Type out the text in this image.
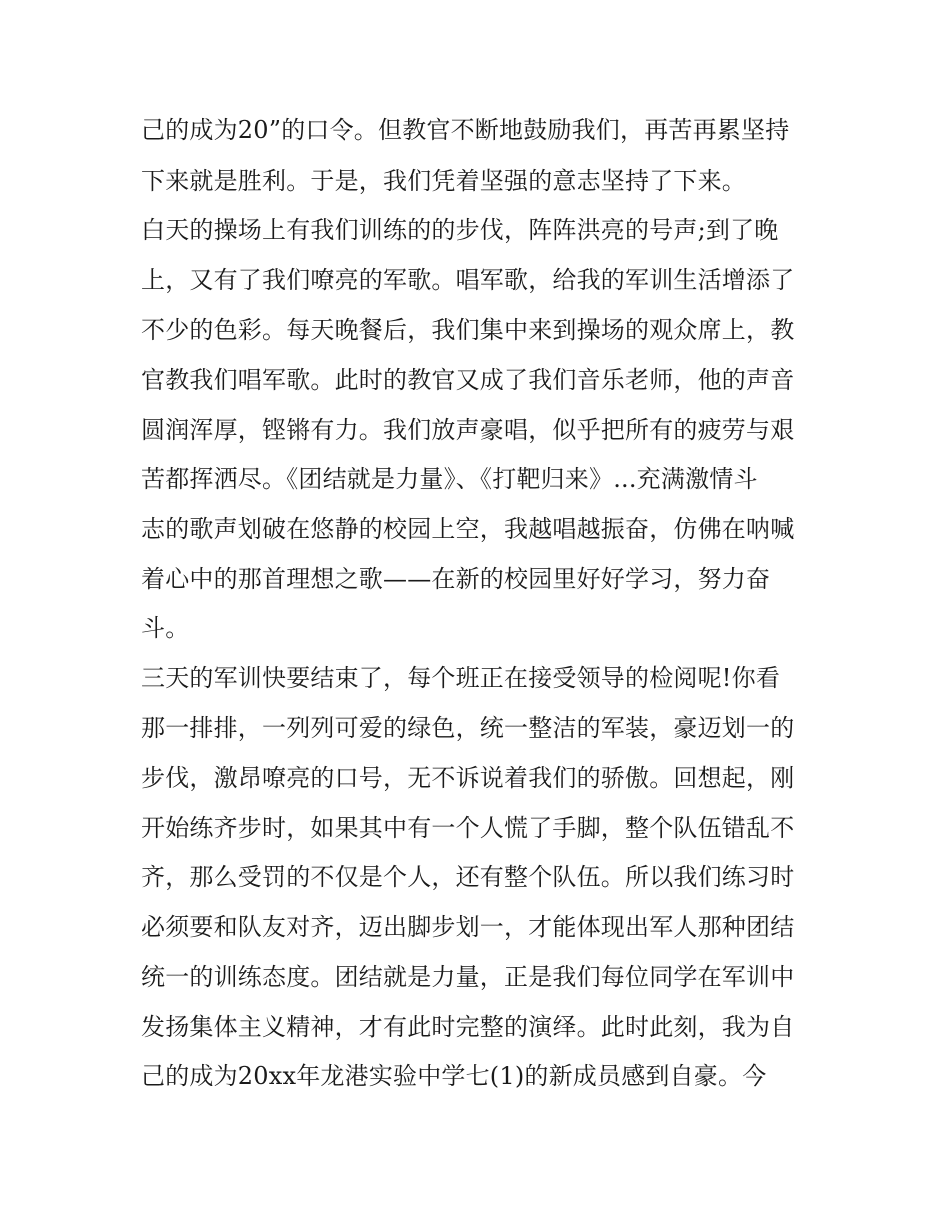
己的成为20”的口令。但教官不断地鼓励我们，再苦再累坚持
下来就是胜利。于是，我们凭着坚强的意志坚持了下来。
白天的操场上有我们训练的的步伐，阵阵洪亮的号声;到了晚
上，又有了我们嘹亮的军歌。唱军歌，给我的军训生活增添了
不少的色彩。每天晚餐后，我们集中来到操场的观众席上，教
官教我们唱军歌。此时的教官又成了我们音乐老师，他的声音
圆润浑厚，铿锵有力。我们放声豪唱，似乎把所有的疲劳与艰
苦都挥洒尽。《团结就是力量》、《打靶归来》...充满激情斗
志的歌声划破在悠静的校园上空，我越唱越振奋，仿佛在呐喊
着心中的那首理想之歌——在新的校园里好好学习，努力奋
斗。
三天的军训快要结束了，每个班正在接受领导的检阅呢!你看
那一排排，一列列可爱的绿色，统一整洁的军装，豪迈划一的
步伐，激昂嘹亮的口号，无不诉说着我们的骄傲。回想起，刚
开始练齐步时，如果其中有一个人慌了手脚，整个队伍错乱不
齐，那么受罚的不仅是个人，还有整个队伍。所以我们练习时
必须要和队友对齐，迈出脚步划一，才能体现出军人那种团结
统一的训练态度。团结就是力量，正是我们每位同学在军训中
发扬集体主义精神，才有此时完整的演绎。此时此刻，我为自
己的成为20xx年龙港实验中学七(1)的新成员感到自豪。今
